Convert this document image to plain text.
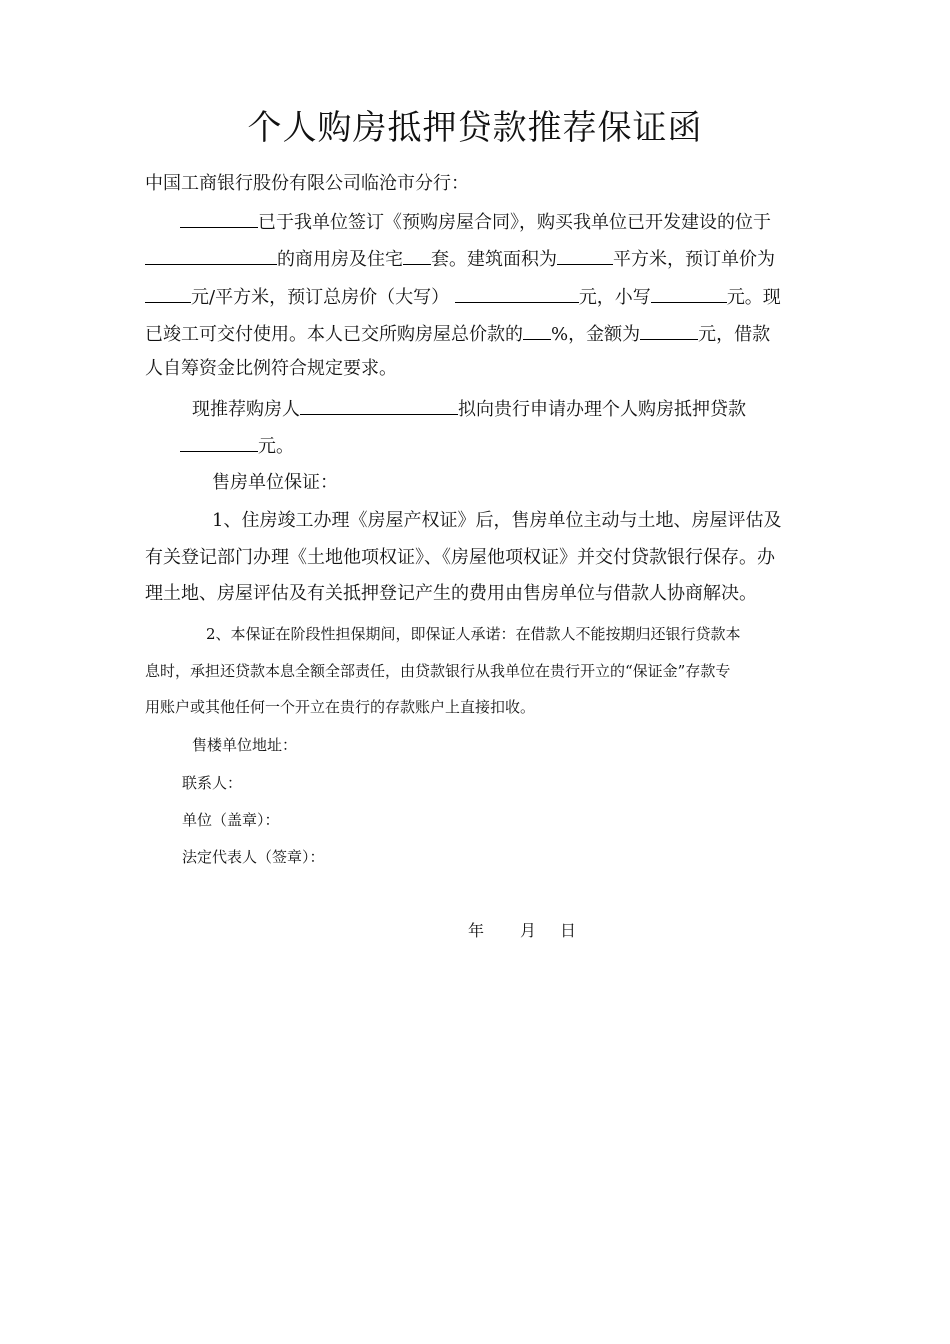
个人购房抵押贷款推荐保证函
中国工商银行股份有限公司临沧市分行：
已于我单位签订《预购房屋合同》，购买我单位已开发建设的位于
的商用房及住宅 套。建筑面积为	平方米，预订单价为
元/平方米，预订总房价（大写）	元，小写	元。现
已竣工可交付使用。本人已交所购房屋总价款的 %，金额为	元，借款
人自筹资金比例符合规定要求。
现推荐购房人	拟向贵行申请办理个人购房抵押贷款
元。
售房单位保证：
1、住房竣工办理《房屋产权证》后，售房单位主动与土地、房屋评估及
有关登记部门办理《土地他项权证》、《房屋他项权证》并交付贷款银行保存。办
理土地、房屋评估及有关抵押登记产生的费用由售房单位与借款人协商解决。
2、本保证在阶段性担保期间，即保证人承诺：在借款人不能按期归还银行贷款本
息时，承担还贷款本息全额全部责任，由贷款银行从我单位在贵行开立的“保证金”存款专
用账户或其他任何一个开立在贵行的存款账户上直接扣收。
售楼单位地址：
联系人：
单位（盖章）：
法定代表人（签章）：
年 月 日
